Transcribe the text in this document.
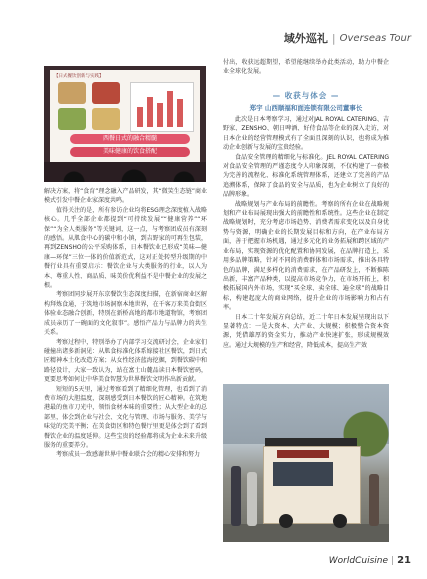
域外巡礼 | Overseas Tour
【日式餐饮创新与实践】
西餐日式的融合精髓
美味健康的饮食搭配

解决方案，将“食育”理念融入产品研发，其“微笑生态链”商业模式引发中餐企业家深度共鸣。

值得关注的是，所有参访企业均将ESG理念深度植入战略核心。几乎全部企业都提到“可持续发展”“健康营养”“环保”“为全人类服务”等关键词，这一点，与考察团成员有深刻的感悟。从肌食中心的碳中和小镇，到吉野家的可再生包装，再到ZENSHO的公平采购体系，日本餐饮业已形成“美味—健康—环保”三位一体的价值新范式，这对正处转型升级期的中餐行业具有重要启示：餐饮企业与大类服务的行业，以人为本、尊重人性、商品质、味美价优利益不是中餐企业的发展之根。

考察团同步展开东京餐饮生态深度扫描，在新宿商业区解构拜炼食通，于筑地市场洞察本地世界，在千客万来美食街区体验业态融合创新，特别在新桥高地的都市地道物馆，考察团成员亲历了一碗面的文化叙事”。感悟产品力与品牌力的共生关系。

考察过程中，特别举办了内部学习交流研讨会，企业家们碰撞出诸多新洞见：从肌食标准化体系嫁接社区餐饮，到日式匠精神本土化改造方案；从女性经济蓝海挖掘，到餐饮碳中和路径设计，大家一致认为，站在富士山麓品读日本餐饮密码，更要思考如何让中华美食智慧为世界餐饮文明作出新贡献。

短短的5天里，通过考察看到了精细化管理，也看到了消费市场的大胆温度，深刻感受到日本餐饮的匠心精神。在筑地港最的鱼市刀光中，领悟食材本味的重要性；从大型企业的总部里，体会到企业与社会、文化与管理、市场与服务、美学与味觉的完美平衡；在美食街区和特色餐厅里更是体会到了看到餐饮企业的温度延伸。这些宝贵的经验都将成为企业未来升级服务的重要养分。

考察成员一致感谢世界中餐业联合会的精心安排和努力

付出，收获远超期望，希望能继续举办此类活动，助力中餐企业全球化发展。

— 收获与体会 —
郑宇 山西顺福和面连锁有限公司董事长

此次是日本考察学习，通过对JAL ROYAL CATERING、吉野家、ZENSHO、朝日啤酒、好侍食品等企业的深入走访，对日本企业的经营管理模式有了全面且深刻的认识，也将成为推动企业创新与发展的宝贵经验。

食品安全管理的精细化与标准化。JEL ROYAL CATERING对食品安全管理的严谨态度令人印象深刻，不仅构建了一套极为完善的流程化、标准化系统管理体系，还建立了完善的产品追溯体系，保障了食品的安全与品质，也为企业树立了良好的品牌形象。

战略规划与产业布局的前瞻性。考察的所有企业在战略规划和产业布局展现出强大的前瞻性和系统性。这些企业在制定战略规划时，充分考虑市场趋势、消费者需求变化以及自身优势与资源，明确企业的长期发展目标和方向，在产业布局方面，善于把握市场机遇，通过多元化的业务拓展和跨区域的产业布局，实现资源的优化配置和协同发展，在品牌打造上，采用多品牌策略，针对不同的消费群体和市场需求，推出各具特色的品牌，满足多样化的消费需求，在产品研发上，不断推陈出新，丰富产品种类，以提高市场竞争力，在市场开拓上，积极拓展国内外市场，实现“买全球、卖全球、遍全球”的战略目标，构建起庞大的商业网络，提升企业的市场影响力和占有率。

日本二十年发展方向总结，近二十年日本发展呈现出以下显著特点：一是大资本、大产业、大规模；积极整合资本资源，凭借雄厚的资金实力，推动产业快速扩张，形成规模效应。通过大规模的生产和经营，降低成本，提高生产效

WorldCuisine | 21
